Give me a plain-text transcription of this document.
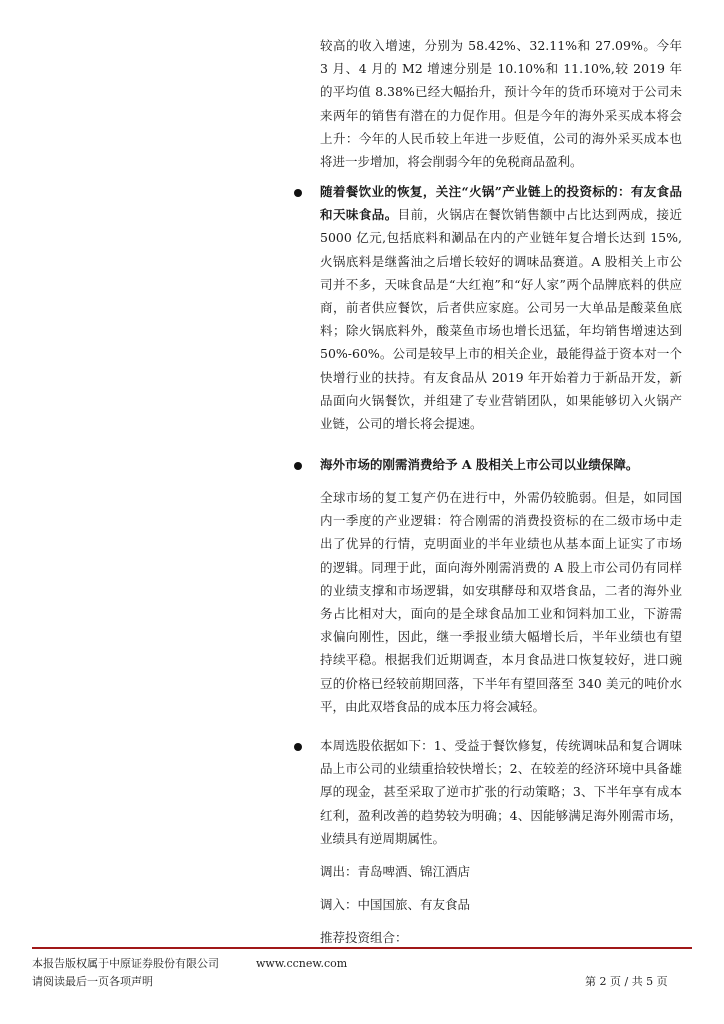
较高的收入增速，分别为 58.42%、32.11%和 27.09%。今年 3 月、4 月的 M2 增速分别是 10.10%和 11.10%,较 2019 年的平均值 8.38%已经大幅抬升，预计今年的货币环境对于公司未来两年的销售有潜在的力促作用。但是今年的海外采买成本将会上升：今年的人民币较上年进一步贬值，公司的海外采买成本也将进一步增加，将会削弱今年的免税商品盈利。

随着餐饮业的恢复，关注“火锅”产业链上的投资标的：有友食品和天味食品。目前，火锅店在餐饮销售额中占比达到两成，接近 5000 亿元,包括底料和涮品在内的产业链年复合增长达到 15%,火锅底料是继酱油之后增长较好的调味品赛道。A 股相关上市公司并不多，天味食品是“大红袍”和“好人家”两个品牌底料的供应商，前者供应餐饮，后者供应家庭。公司另一大单品是酸菜鱼底料；除火锅底料外，酸菜鱼市场也增长迅猛，年均销售增速达到 50%-60%。公司是较早上市的相关企业，最能得益于资本对一个快增行业的扶持。有友食品从 2019 年开始着力于新品开发，新品面向火锅餐饮，并组建了专业营销团队，如果能够切入火锅产业链，公司的增长将会提速。

海外市场的刚需消费给予 A 股相关上市公司以业绩保障。

全球市场的复工复产仍在进行中，外需仍较脆弱。但是，如同国内一季度的产业逻辑：符合刚需的消费投资标的在二级市场中走出了优异的行情，克明面业的半年业绩也从基本面上证实了市场的逻辑。同理于此，面向海外刚需消费的 A 股上市公司仍有同样的业绩支撑和市场逻辑，如安琪酵母和双塔食品，二者的海外业务占比相对大，面向的是全球食品加工业和饲料加工业，下游需求偏向刚性，因此，继一季报业绩大幅增长后，半年业绩也有望持续平稳。根据我们近期调查，本月食品进口恢复较好，进口豌豆的价格已经较前期回落，下半年有望回落至 340 美元的吨价水平，由此双塔食品的成本压力将会减轻。

本周选股依据如下：1、受益于餐饮修复，传统调味品和复合调味品上市公司的业绩重拾较快增长；2、在较差的经济环境中具备雄厚的现金，甚至采取了逆市扩张的行动策略；3、下半年享有成本红利，盈利改善的趋势较为明确；4、因能够满足海外刚需市场，业绩具有逆周期属性。

调出：青岛啤酒、锦江酒店

调入：中国国旅、有友食品

推荐投资组合：

本报告版权属于中原证券股份有限公司	www.ccnew.com
请阅读最后一页各项声明	第 2 页 / 共 5 页
